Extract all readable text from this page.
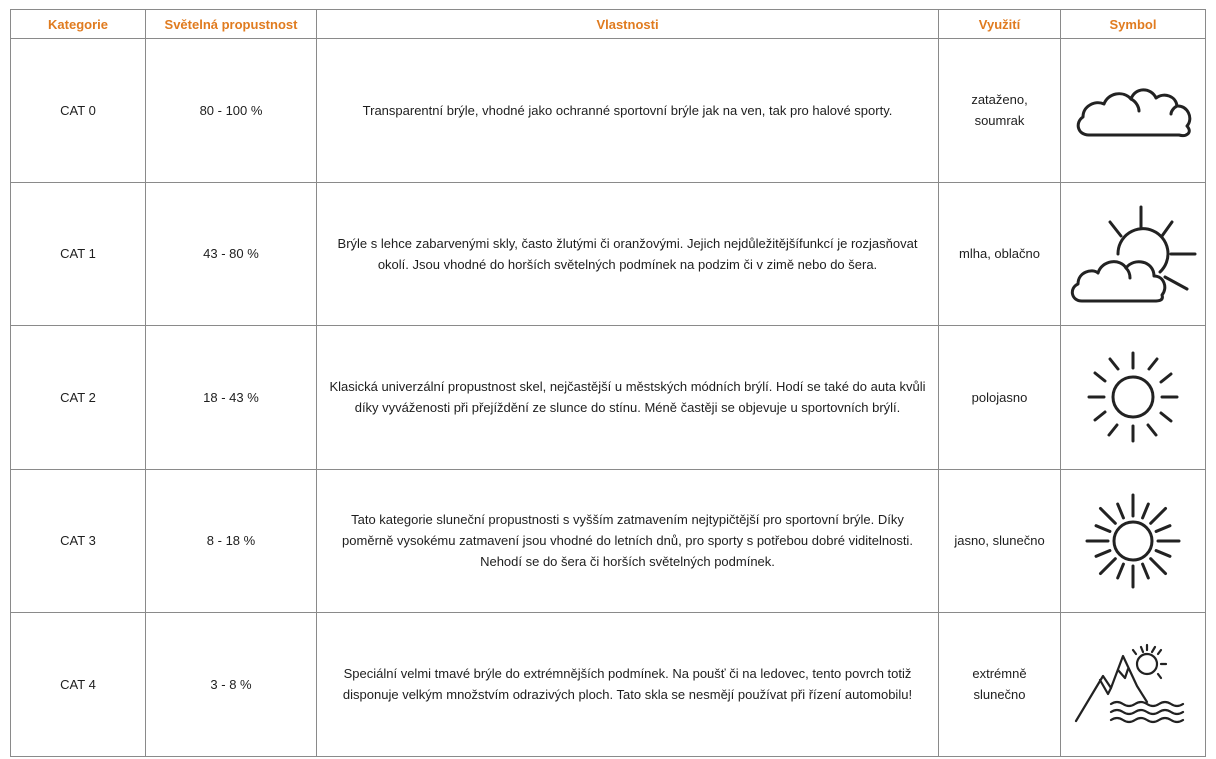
Kategorie	Světelná propustnost	Vlastnosti	Využití	Symbol
CAT 0	80 - 100 %	Transparentní brýle, vhodné jako ochranné sportovní brýle jak na ven, tak pro halové sporty.	zataženo, soumrak	

CAT 1	43 - 80 %	Brýle s lehce zabarvenými skly, často žlutými či oranžovými. Jejich nejdůležitějšífunkcí je rozjasňovat okolí. Jsou vhodné do horších světelných podmínek na podzim či v zimě nebo do šera.	mlha, oblačno	

CAT 2	18 - 43 %	Klasická univerzální propustnost skel, nejčastější u městských módních brýlí. Hodí se také do auta kvůli díky vyváženosti při přejíždění ze slunce do stínu. Méně častěji se objevuje u sportovních brýlí.	polojasno	

CAT 3	8 - 18 %	Tato kategorie sluneční propustnosti s vyšším zatmavením nejtypičtější pro sportovní brýle. Díky poměrně vysokému zatmavení jsou vhodné do letních dnů, pro sporty s potřebou dobré viditelnosti. Nehodí se do šera či horších světelných podmínek.	jasno, slunečno	

CAT 4	3 - 8 %	Speciální velmi tmavé brýle do extrémnějších podmínek. Na poušť či na ledovec, tento povrch totiž disponuje velkým množstvím odrazivých ploch. Tato skla se nesmějí používat při řízení automobilu!	extrémně slunečno	
